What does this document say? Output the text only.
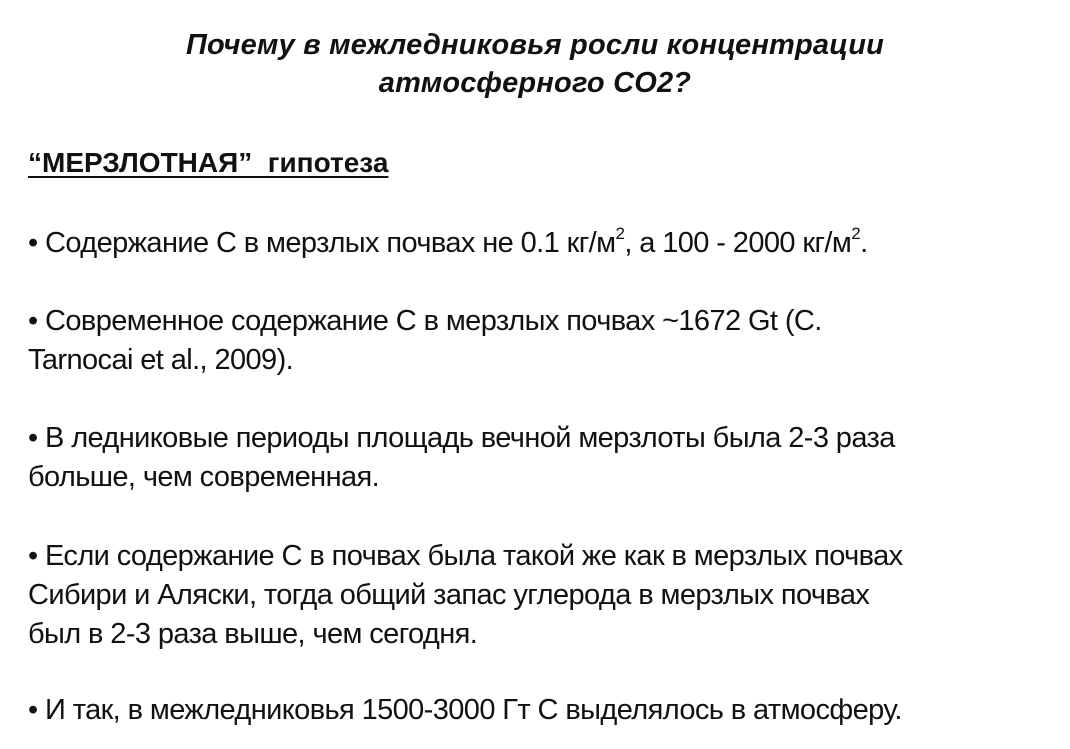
Почему в межледниковья росли концентрации
атмосферного СО2?
“МЕРЗЛОТНАЯ”  гипотеза
• Содержание С в мерзлых почвах не 0.1 $кг/м^2$, а 100 - 2000 $кг/м^2$.
• Современное содержание С в мерзлых почвах ~1672 Gt (C.
Tarnocai et al., 2009).
• В ледниковые периоды площадь вечной мерзлоты была 2-3 раза
больше, чем современная.
• Если содержание С в почвах была такой же как в мерзлых почвах
Сибири и Аляски, тогда общий запас углерода в мерзлых почвах
был в 2-3 раза выше, чем сегодня.
• И так, в межледниковья 1500-3000 Гт С выделялось в атмосферу.
